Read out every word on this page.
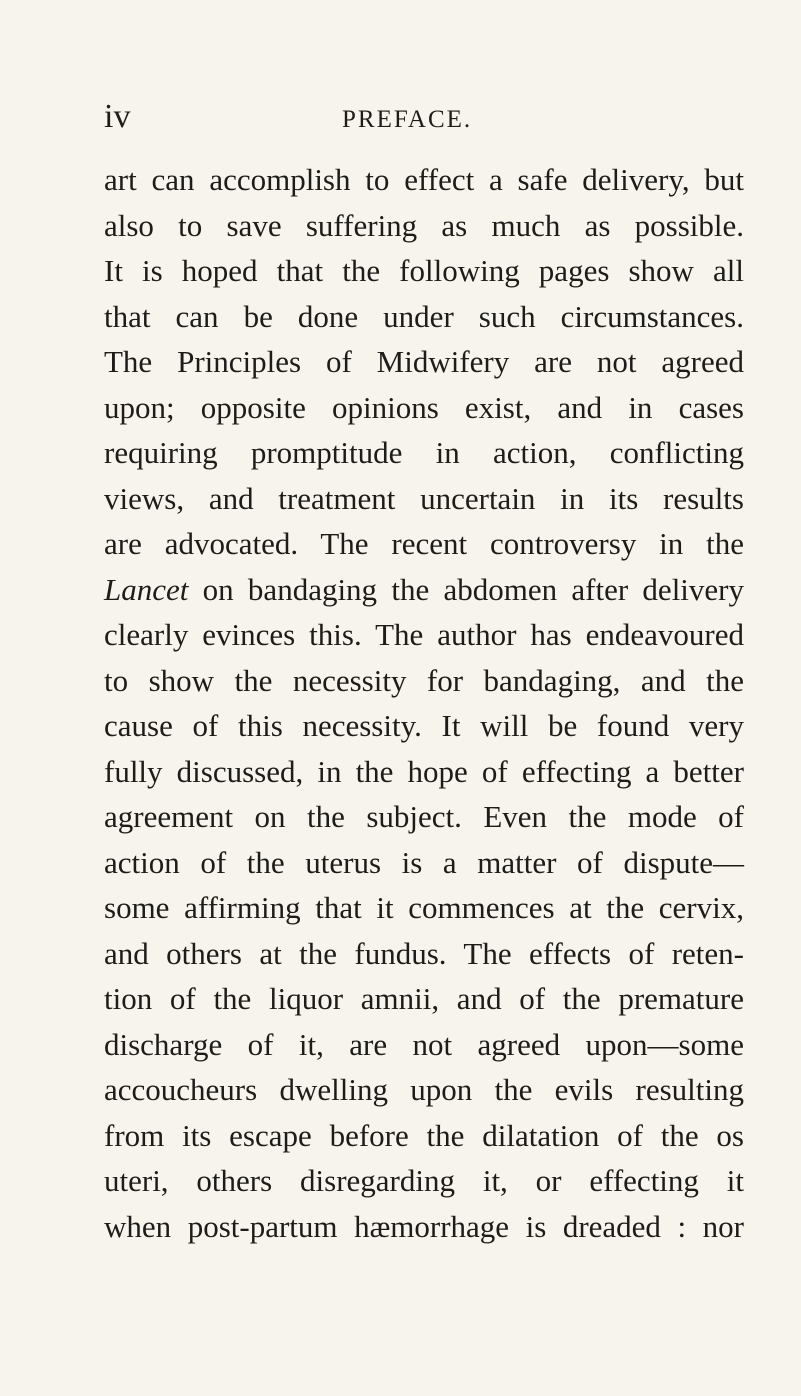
iv	PREFACE.
art can accomplish to effect a safe delivery, but
also to save suffering as much as possible.
It is hoped that the following pages show all
that can be done under such circumstances.
The Principles of Midwifery are not agreed
upon; opposite opinions exist, and in cases
requiring promptitude in action, conflicting
views, and treatment uncertain in its results
are advocated. The recent controversy in the
Lancet on bandaging the abdomen after delivery
clearly evinces this. The author has endeavoured
to show the necessity for bandaging, and the
cause of this necessity. It will be found very
fully discussed, in the hope of effecting a better
agreement on the subject. Even the mode of
action of the uterus is a matter of dispute—
some affirming that it commences at the cervix,
and others at the fundus. The effects of reten-
tion of the liquor amnii, and of the premature
discharge of it, are not agreed upon—some
accoucheurs dwelling upon the evils resulting
from its escape before the dilatation of the os
uteri, others disregarding it, or effecting it
when post-partum hæmorrhage is dreaded : nor
